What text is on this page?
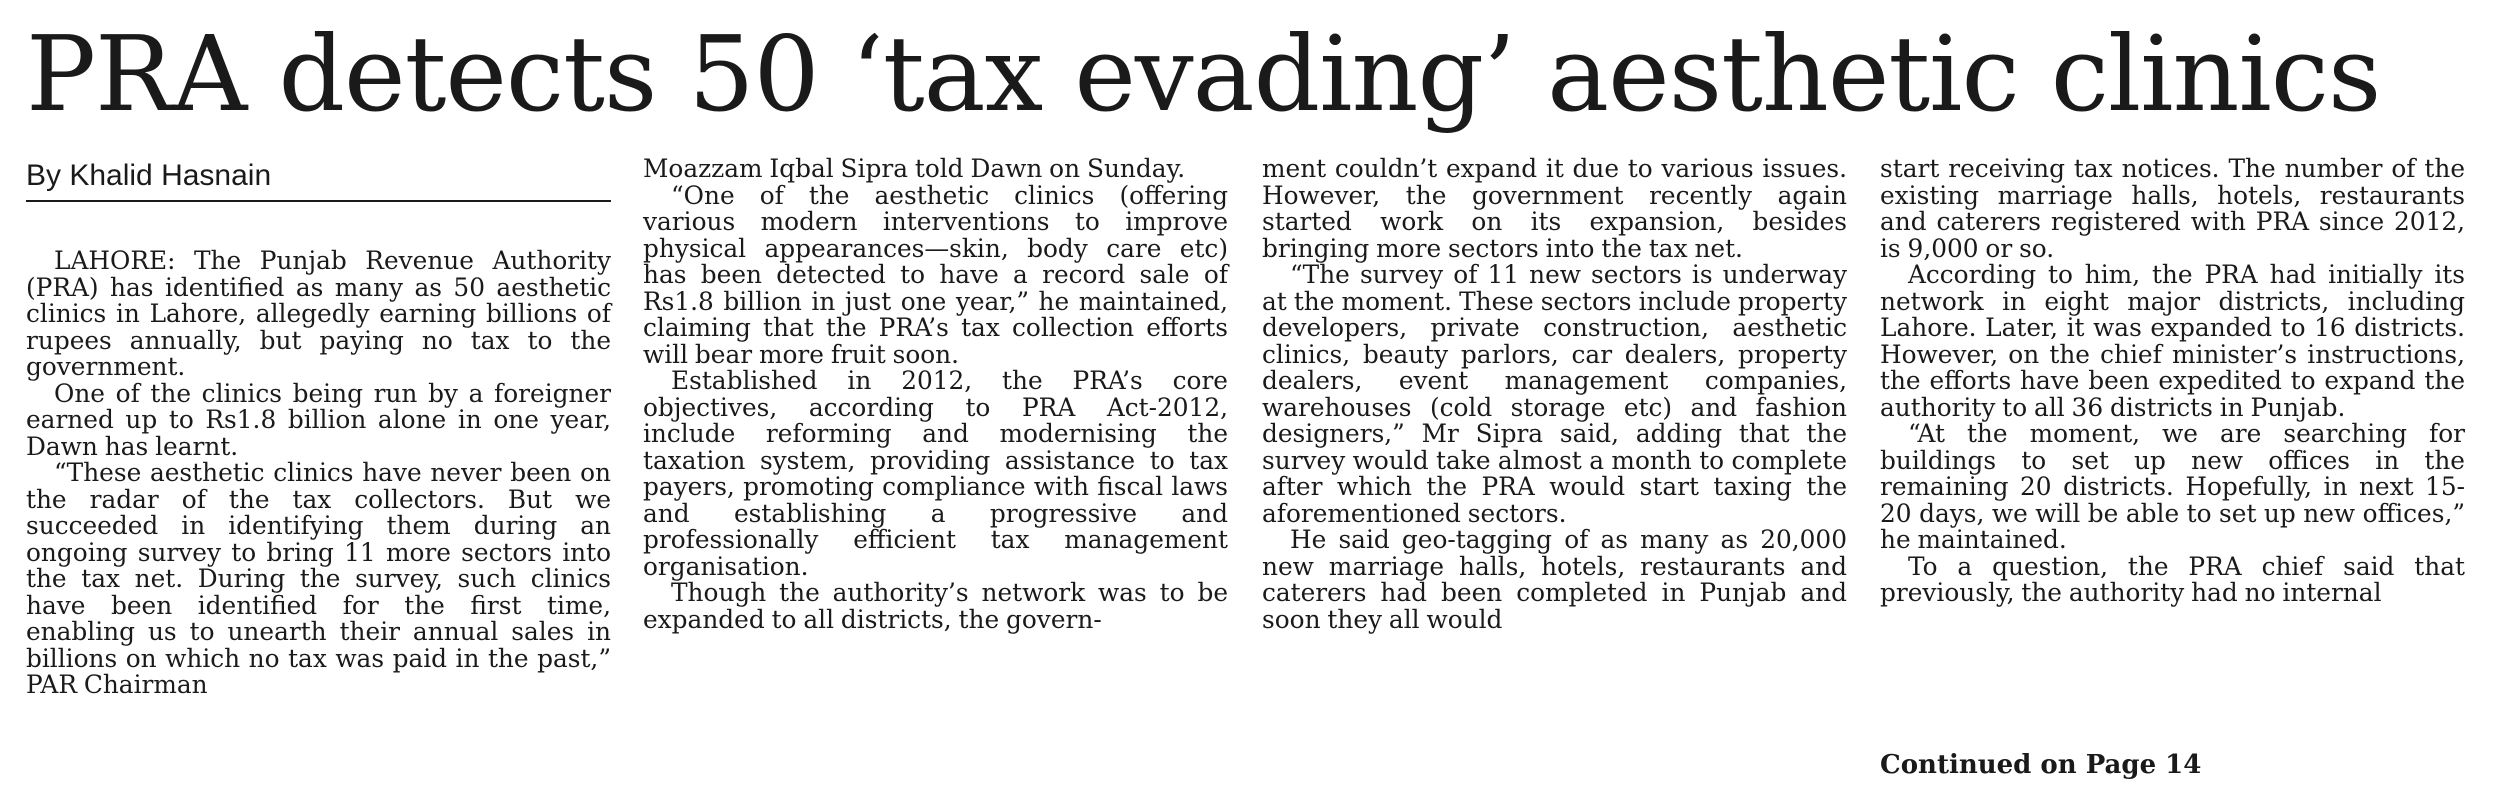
PRA detects 50 ‘tax evading’ aesthetic clinics
By Khalid Hasnain

LAHORE: The Punjab Revenue Authority (PRA) has identified as many as 50 aesthetic clinics in Lahore, allegedly earning billions of rupees annually, but paying no tax to the government.

One of the clinics being run by a foreigner earned up to Rs1.8 billion alone in one year, Dawn has learnt.

“These aesthetic clinics have never been on the radar of the tax collectors. But we succeeded in identifying them during an ongoing survey to bring 11 more sectors into the tax net. During the survey, such clinics have been identified for the first time, enabling us to unearth their annual sales in billions on which no tax was paid in the past,” PAR Chairman

Moazzam Iqbal Sipra told Dawn on Sunday.

“One of the aesthetic clinics (offering various modern interventions to improve physical appearances—skin, body care etc) has been detected to have a record sale of Rs1.8 billion in just one year,” he maintained, claiming that the PRA’s tax collection efforts will bear more fruit soon.

Established in 2012, the PRA’s core objectives, according to PRA Act-2012, include reforming and modernising the taxation system, providing assistance to tax payers, promoting compliance with fiscal laws and establishing a progressive and professionally efficient tax management organisation.

Though the authority’s network was to be expanded to all districts, the govern-

ment couldn’t expand it due to various issues. However, the government recently again started work on its expansion, besides bringing more sectors into the tax net.

“The survey of 11 new sectors is underway at the moment. These sectors include property developers, private construction, aesthetic clinics, beauty parlors, car dealers, property dealers, event management companies, warehouses (cold storage etc) and fashion designers,” Mr Sipra said, adding that the survey would take almost a month to complete after which the PRA would start taxing the aforementioned sectors.

He said geo-tagging of as many as 20,000 new marriage halls, hotels, restaurants and caterers had been completed in Punjab and soon they all would

start receiving tax notices. The number of the existing marriage halls, hotels, restaurants and caterers registered with PRA since 2012, is 9,000 or so.

According to him, the PRA had initially its network in eight major districts, including Lahore. Later, it was expanded to 16 districts. However, on the chief minister’s instructions, the efforts have been expedited to expand the authority to all 36 districts in Punjab.

“At the moment, we are searching for buildings to set up new offices in the remaining 20 districts. Hopefully, in next 15-20 days, we will be able to set up new offices,” he maintained.

To a question, the PRA chief said that previously, the authority had no internal

Continued on Page 14
